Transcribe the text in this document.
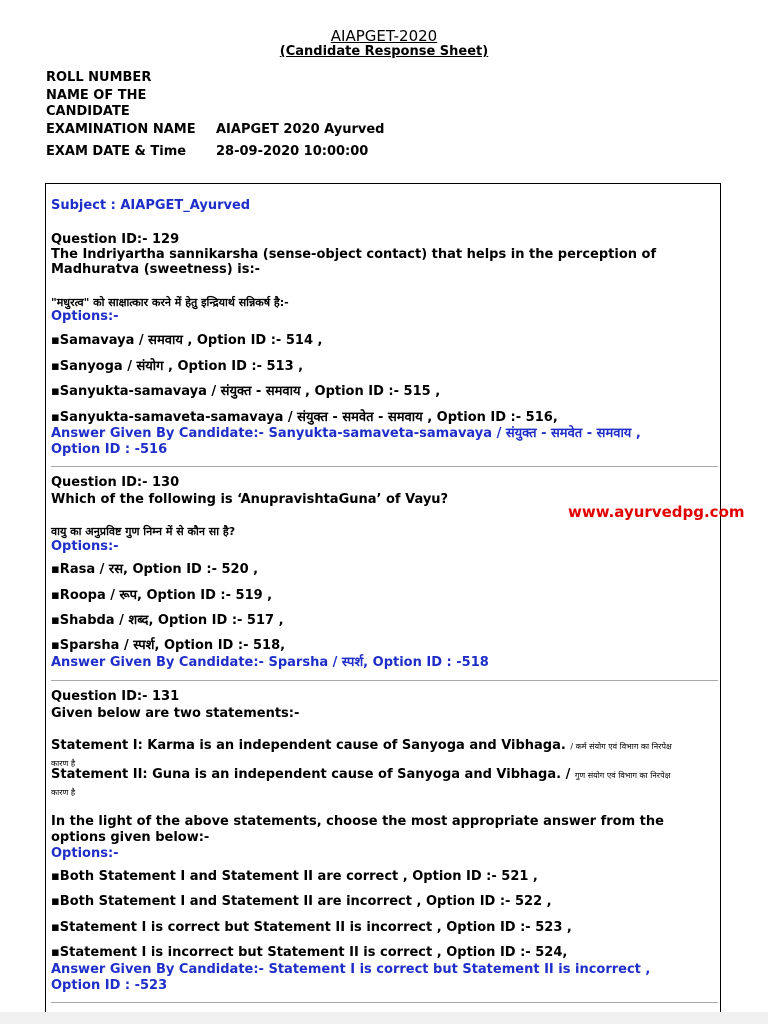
AIAPGET-2020
(Candidate Response Sheet)
ROLL NUMBER
NAME OF THE
CANDIDATE
EXAMINATION NAME AIAPGET 2020 Ayurved
EXAM DATE & Time 28-09-2020 10:00:00
Subject : AIAPGET_Ayurved
Question ID:- 129
The Indriyartha sannikarsha (sense-object contact) that helps in the perception of
Madhuratva (sweetness) is:-
"मधुरत्व" को साक्षात्कार करने में हेतु इन्द्रियार्थ सन्निकर्ष है:-
Options:-
▪Samavaya / समवाय , Option ID :- 514 ,
▪Sanyoga / संयोग , Option ID :- 513 ,
▪Sanyukta-samavaya / संयुक्त - समवाय , Option ID :- 515 ,
▪Sanyukta-samaveta-samavaya / संयुक्त - समवेत - समवाय , Option ID :- 516,
Answer Given By Candidate:- Sanyukta-samaveta-samavaya / संयुक्त - समवेत - समवाय ,
Option ID : -516
Question ID:- 130
Which of the following is ‘AnupravishtaGuna’ of Vayu?
वायु का अनुप्रविष्ट गुण निम्न में से कौन सा है?
Options:-
▪Rasa / रस, Option ID :- 520 ,
▪Roopa / रूप, Option ID :- 519 ,
▪Shabda / शब्द, Option ID :- 517 ,
▪Sparsha / स्पर्श, Option ID :- 518,
Answer Given By Candidate:- Sparsha / स्पर्श, Option ID : -518
Question ID:- 131
Given below are two statements:-
Statement I: Karma is an independent cause of Sanyoga and Vibhaga. / कर्म संयोग एवं विभाग का निरपेक्ष
कारण है
Statement II: Guna is an independent cause of Sanyoga and Vibhaga. / गुण संयोग एवं विभाग का निरपेक्ष
कारण है
In the light of the above statements, choose the most appropriate answer from the
options given below:-
Options:-
▪Both Statement I and Statement II are correct , Option ID :- 521 ,
▪Both Statement I and Statement II are incorrect , Option ID :- 522 ,
▪Statement I is correct but Statement II is incorrect , Option ID :- 523 ,
▪Statement I is incorrect but Statement II is correct , Option ID :- 524,
Answer Given By Candidate:- Statement I is correct but Statement II is incorrect ,
Option ID : -523
www.ayurvedpg.com
